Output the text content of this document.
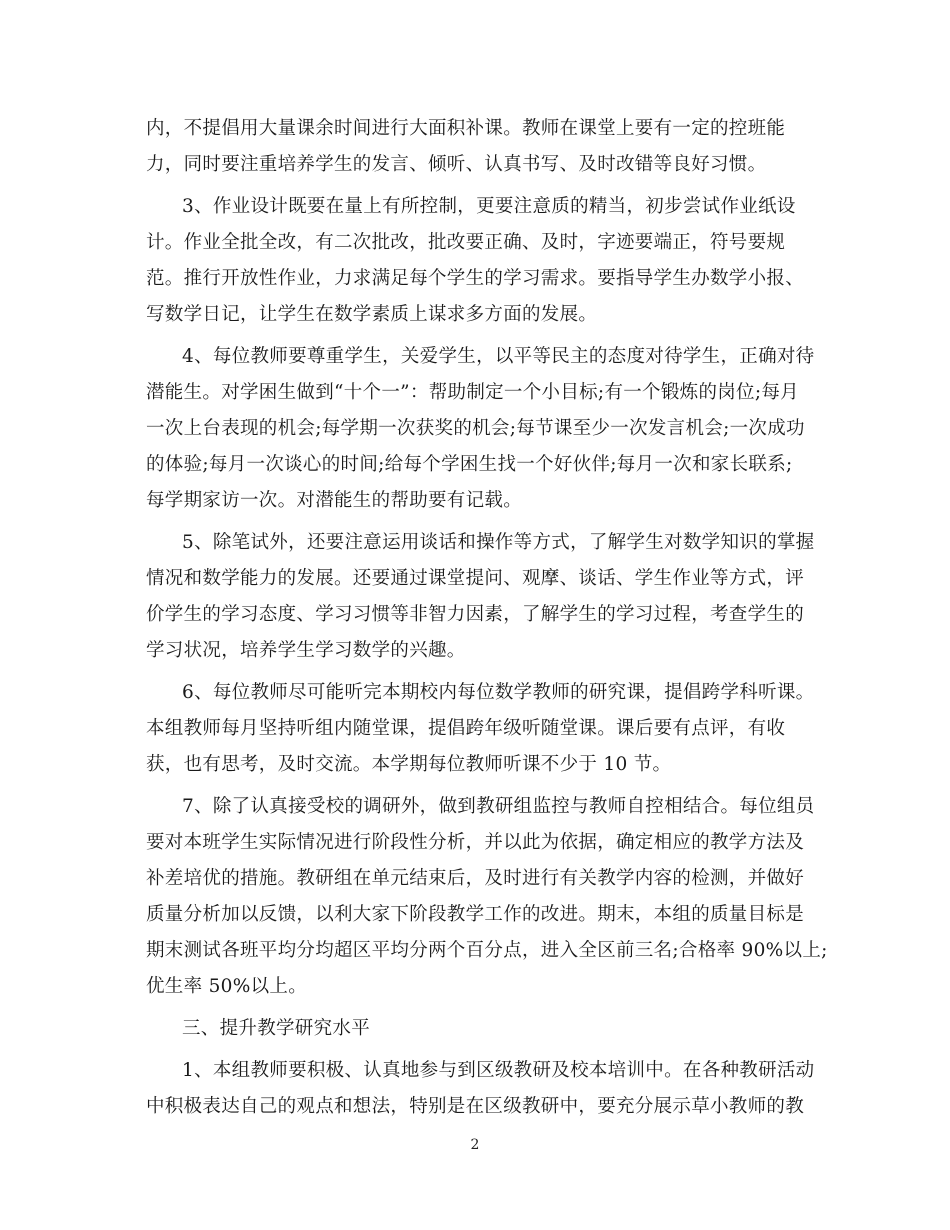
内，不提倡用大量课余时间进行大面积补课。教师在课堂上要有一定的控班能

力，同时要注重培养学生的发言、倾听、认真书写、及时改错等良好习惯。

3、作业设计既要在量上有所控制，更要注意质的精当，初步尝试作业纸设

计。作业全批全改，有二次批改，批改要正确、及时，字迹要端正，符号要规

范。推行开放性作业，力求满足每个学生的学习需求。要指导学生办数学小报、

写数学日记，让学生在数学素质上谋求多方面的发展。

4、每位教师要尊重学生，关爱学生，以平等民主的态度对待学生，正确对待

潜能生。对学困生做到“十个一”：帮助制定一个小目标;有一个锻炼的岗位;每月

一次上台表现的机会;每学期一次获奖的机会;每节课至少一次发言机会;一次成功

的体验;每月一次谈心的时间;给每个学困生找一个好伙伴;每月一次和家长联系;

每学期家访一次。对潜能生的帮助要有记载。

5、除笔试外，还要注意运用谈话和操作等方式，了解学生对数学知识的掌握

情况和数学能力的发展。还要通过课堂提问、观摩、谈话、学生作业等方式，评

价学生的学习态度、学习习惯等非智力因素，了解学生的学习过程，考查学生的

学习状况，培养学生学习数学的兴趣。

6、每位教师尽可能听完本期校内每位数学教师的研究课，提倡跨学科听课。

本组教师每月坚持听组内随堂课，提倡跨年级听随堂课。课后要有点评，有收

获，也有思考，及时交流。本学期每位教师听课不少于 10 节。

7、除了认真接受校的调研外，做到教研组监控与教师自控相结合。每位组员

要对本班学生实际情况进行阶段性分析，并以此为依据，确定相应的教学方法及

补差培优的措施。教研组在单元结束后，及时进行有关教学内容的检测，并做好

质量分析加以反馈，以利大家下阶段教学工作的改进。期末，本组的质量目标是

期末测试各班平均分均超区平均分两个百分点，进入全区前三名;合格率 90%以上;

优生率 50%以上。

三、提升教学研究水平

1、本组教师要积极、认真地参与到区级教研及校本培训中。在各种教研活动

中积极表达自己的观点和想法，特别是在区级教研中，要充分展示草小教师的教

2
